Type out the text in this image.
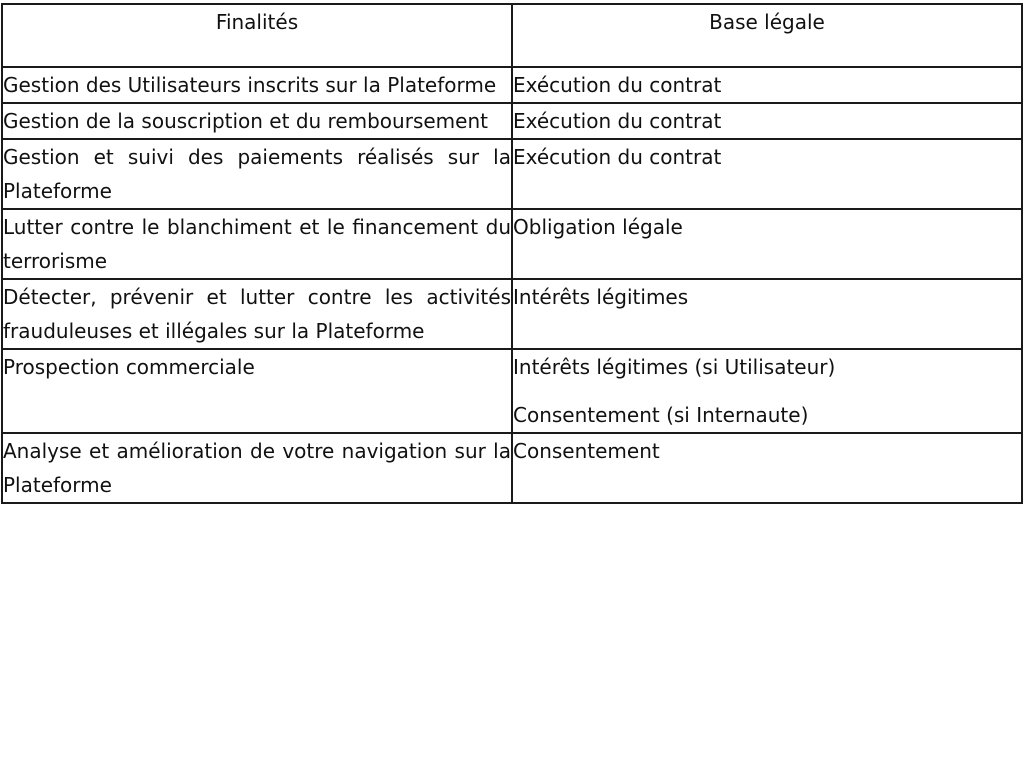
Finalités	Base légale
Gestion des Utilisateurs inscrits sur la Plateforme	Exécution du contrat

Gestion de la souscription et du remboursement	Exécution du contrat

Gestion et suivi des paiements réalisés sur la Plateforme	Exécution du contrat

Lutter contre le blanchiment et le financement du terrorisme	Obligation légale

Détecter, prévenir et lutter contre les activités frauduleuses et illégales sur la Plateforme	Intérêts légitimes

Prospection commerciale	Intérêts légitimes (si Utilisateur)
Consentement (si Internaute)

Analyse et amélioration de votre navigation sur la Plateforme	Consentement
